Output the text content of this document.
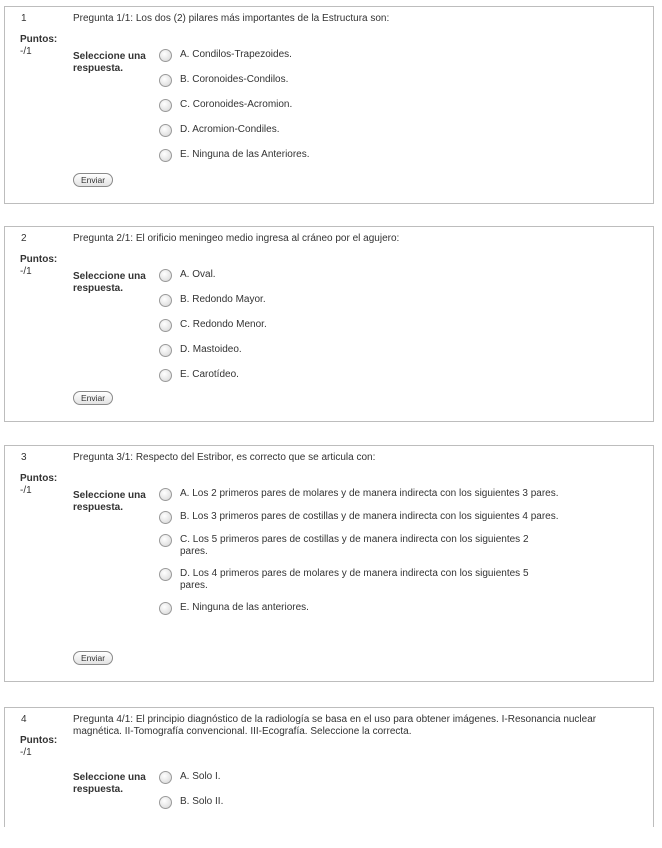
1	Pregunta 1/1: Los dos (2) pilares más importantes de la Estructura son:
Puntos:
-/1	Seleccione una respuesta.
A. Condilos-Trapezoides.
B. Coronoides-Condilos.
C. Coronoides-Acromion.
D. Acromion-Condiles.
E. Ninguna de las Anteriores.
Enviar
2	Pregunta 2/1: El orificio meningeo medio ingresa al cráneo por el agujero:
Puntos:
-/1	Seleccione una respuesta.
A. Oval.
B. Redondo Mayor.
C. Redondo Menor.
D. Mastoideo.
E. Carotídeo.
Enviar
3	Pregunta 3/1: Respecto del Estribor, es correcto que se articula con:
Puntos:
-/1	Seleccione una respuesta.
A. Los 2 primeros pares de molares y de manera indirecta con los siguientes 3 pares.
B. Los 3 primeros pares de costillas y de manera indirecta con los siguientes 4 pares.
C. Los 5 primeros pares de costillas y de manera indirecta con los siguientes 2 pares.
D. Los 4 primeros pares de molares y de manera indirecta con los siguientes 5 pares.
E. Ninguna de las anteriores.
Enviar
4	Pregunta 4/1: El principio diagnóstico de la radiología se basa en el uso para obtener imágenes. I-Resonancia nuclear magnética. II-Tomografía convencional. III-Ecografía. Seleccione la correcta.
Puntos:
-/1
Seleccione una respuesta.
A. Solo I.
B. Solo II.
